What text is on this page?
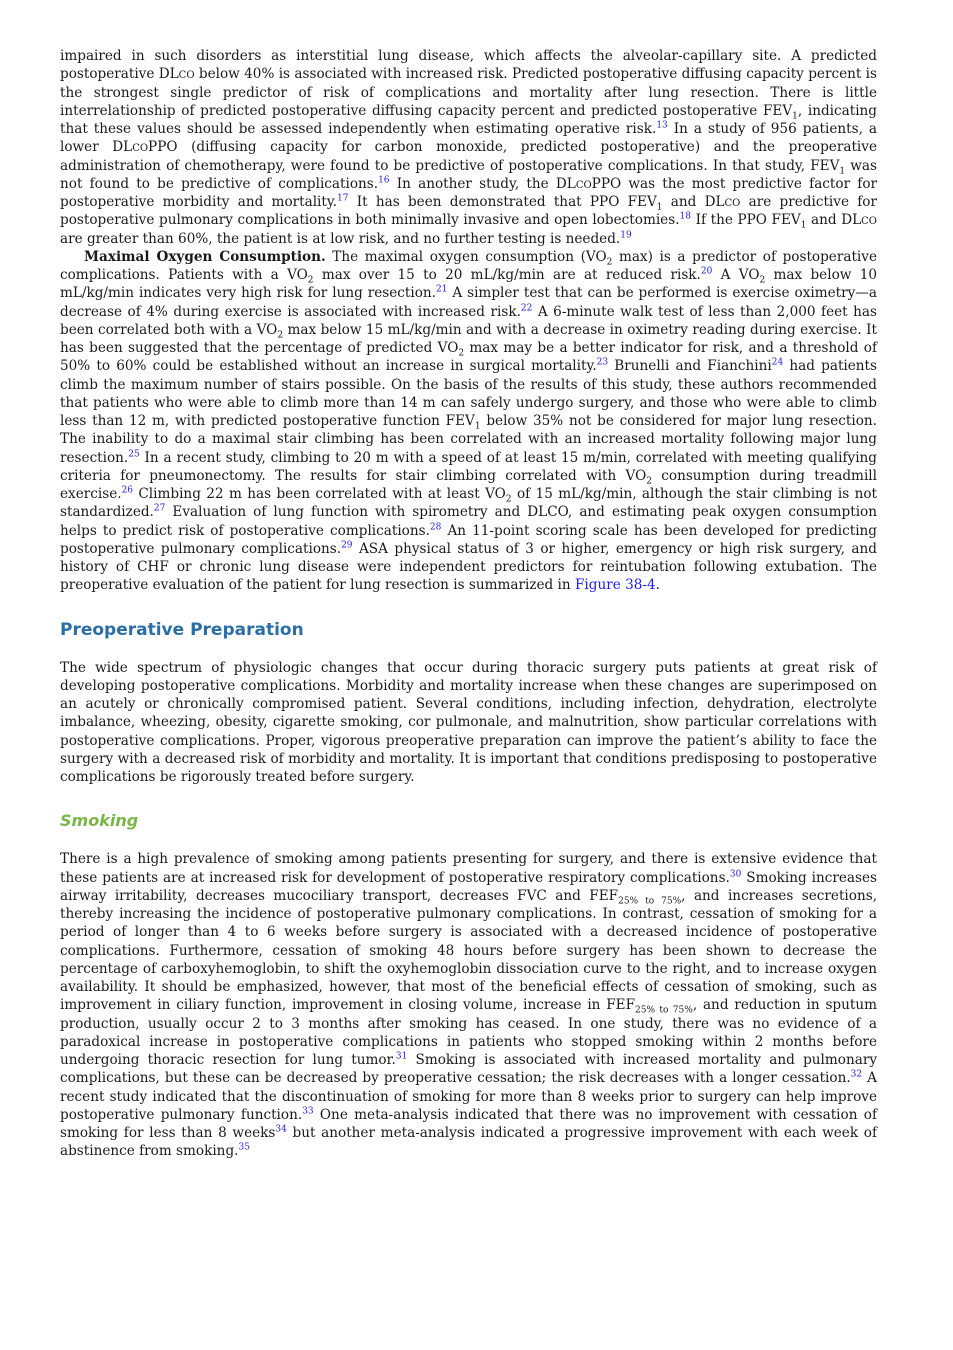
impaired in such disorders as interstitial lung disease, which affects the alveolar-capillary site. A predicted postoperative DLco below 40% is associated with increased risk. Predicted postoperative diffusing capacity percent is the strongest single predictor of risk of complications and mortality after lung resection. There is little interrelationship of predicted postoperative diffusing capacity percent and predicted postoperative $FEV_1$, indicating that these values should be assessed independently when estimating operative risk.$^{13}$ In a study of 956 patients, a lower DLcoPPO (diffusing capacity for carbon monoxide, predicted postoperative) and the preoperative administration of chemotherapy, were found to be predictive of postoperative complications. In that study, $FEV_1$ was not found to be predictive of complications.$^{16}$ In another study, the DLcoPPO was the most predictive factor for postoperative morbidity and mortality.$^{17}$ It has been demonstrated that PPO $FEV_1$ and DLco are predictive for postoperative pulmonary complications in both minimally invasive and open lobectomies.$^{18}$ If the PPO $FEV_1$ and DLco are greater than 60%, the patient is at low risk, and no further testing is needed.$^{19}$

Maximal Oxygen Consumption. The maximal oxygen consumption ($VO_2$ max) is a predictor of postoperative complications. Patients with a $VO_2$ max over 15 to 20 mL/kg/min are at reduced risk.$^{20}$ A $VO_2$ max below 10 mL/kg/min indicates very high risk for lung resection.$^{21}$ A simpler test that can be performed is exercise oximetry—a decrease of 4% during exercise is associated with increased risk.$^{22}$ A 6-minute walk test of less than 2,000 feet has been correlated both with a $VO_2$ max below 15 mL/kg/min and with a decrease in oximetry reading during exercise. It has been suggested that the percentage of predicted $VO_2$ max may be a better indicator for risk, and a threshold of 50% to 60% could be established without an increase in surgical mortality.$^{23}$ Brunelli and Fianchini$^{24}$ had patients climb the maximum number of stairs possible. On the basis of the results of this study, these authors recommended that patients who were able to climb more than 14 m can safely undergo surgery, and those who were able to climb less than 12 m, with predicted postoperative function $FEV_1$ below 35% not be considered for major lung resection. The inability to do a maximal stair climbing has been correlated with an increased mortality following major lung resection.$^{25}$ In a recent study, climbing to 20 m with a speed of at least 15 m/min, correlated with meeting qualifying criteria for pneumonectomy. The results for stair climbing correlated with $VO_2$ consumption during treadmill exercise.$^{26}$ Climbing 22 m has been correlated with at least $VO_2$ of 15 mL/kg/min, although the stair climbing is not standardized.$^{27}$ Evaluation of lung function with spirometry and DLCO, and estimating peak oxygen consumption helps to predict risk of postoperative complications.$^{28}$ An 11-point scoring scale has been developed for predicting postoperative pulmonary complications.$^{29}$ ASA physical status of 3 or higher, emergency or high risk surgery, and history of CHF or chronic lung disease were independent predictors for reintubation following extubation. The preoperative evaluation of the patient for lung resection is summarized in Figure 38-4.

Preoperative Preparation

The wide spectrum of physiologic changes that occur during thoracic surgery puts patients at great risk of developing postoperative complications. Morbidity and mortality increase when these changes are superimposed on an acutely or chronically compromised patient. Several conditions, including infection, dehydration, electrolyte imbalance, wheezing, obesity, cigarette smoking, cor pulmonale, and malnutrition, show particular correlations with postoperative complications. Proper, vigorous preoperative preparation can improve the patient’s ability to face the surgery with a decreased risk of morbidity and mortality. It is important that conditions predisposing to postoperative complications be rigorously treated before surgery.

Smoking

There is a high prevalence of smoking among patients presenting for surgery, and there is extensive evidence that these patients are at increased risk for development of postoperative respiratory complications.$^{30}$ Smoking increases airway irritability, decreases mucociliary transport, decreases FVC and $FEF_{25\% to 75\%}$, and increases secretions, thereby increasing the incidence of postoperative pulmonary complications. In contrast, cessation of smoking for a period of longer than 4 to 6 weeks before surgery is associated with a decreased incidence of postoperative complications. Furthermore, cessation of smoking 48 hours before surgery has been shown to decrease the percentage of carboxyhemoglobin, to shift the oxyhemoglobin dissociation curve to the right, and to increase oxygen availability. It should be emphasized, however, that most of the beneficial effects of cessation of smoking, such as improvement in ciliary function, improvement in closing volume, increase in $FEF_{25\% to 75\%}$, and reduction in sputum production, usually occur 2 to 3 months after smoking has ceased. In one study, there was no evidence of a paradoxical increase in postoperative complications in patients who stopped smoking within 2 months before undergoing thoracic resection for lung tumor.$^{31}$ Smoking is associated with increased mortality and pulmonary complications, but these can be decreased by preoperative cessation; the risk decreases with a longer cessation.$^{32}$ A recent study indicated that the discontinuation of smoking for more than 8 weeks prior to surgery can help improve postoperative pulmonary function.$^{33}$ One meta-analysis indicated that there was no improvement with cessation of smoking for less than 8 weeks$^{34}$ but another meta-analysis indicated a progressive improvement with each week of abstinence from smoking.$^{35}$
